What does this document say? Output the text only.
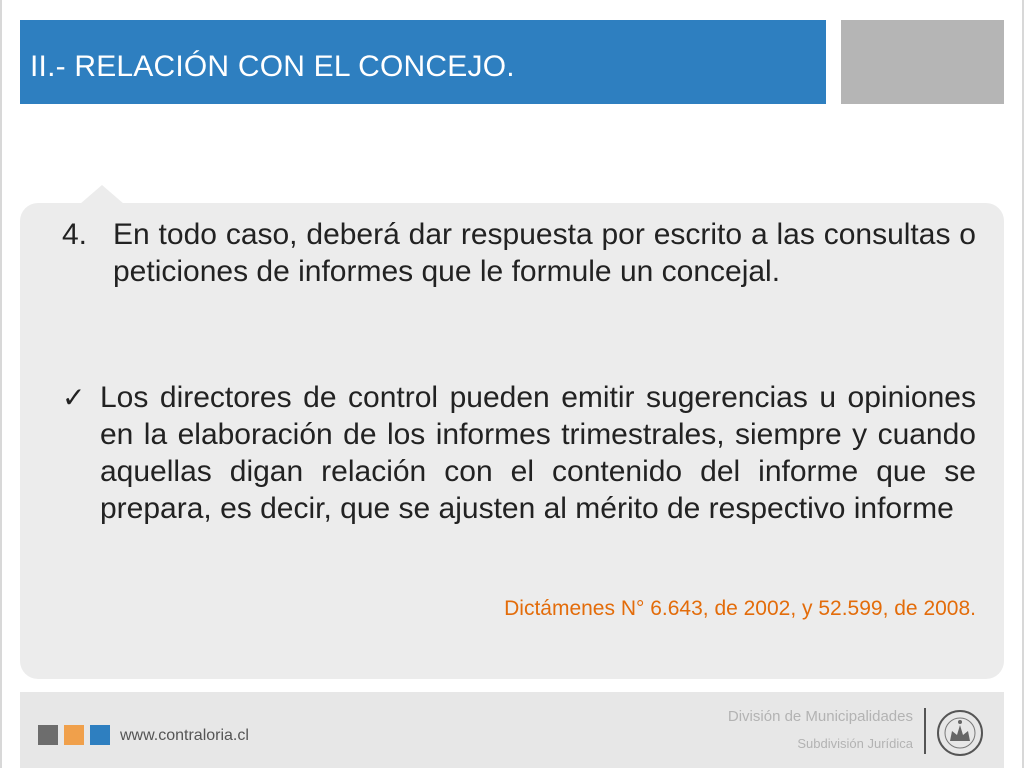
II.- RELACIÓN CON EL CONCEJO.
4. En todo caso, deberá dar respuesta por escrito a las consultas o peticiones de informes que le formule un concejal.
✓ Los directores de control pueden emitir sugerencias u opiniones en la elaboración de los informes trimestrales, siempre y cuando aquellas digan relación con el contenido del informe que se prepara, es decir, que se ajusten al mérito de respectivo informe
Dictámenes N° 6.643, de 2002, y 52.599, de 2008.
www.contraloria.cl
División de Municipalidades
Subdivisión Jurídica
